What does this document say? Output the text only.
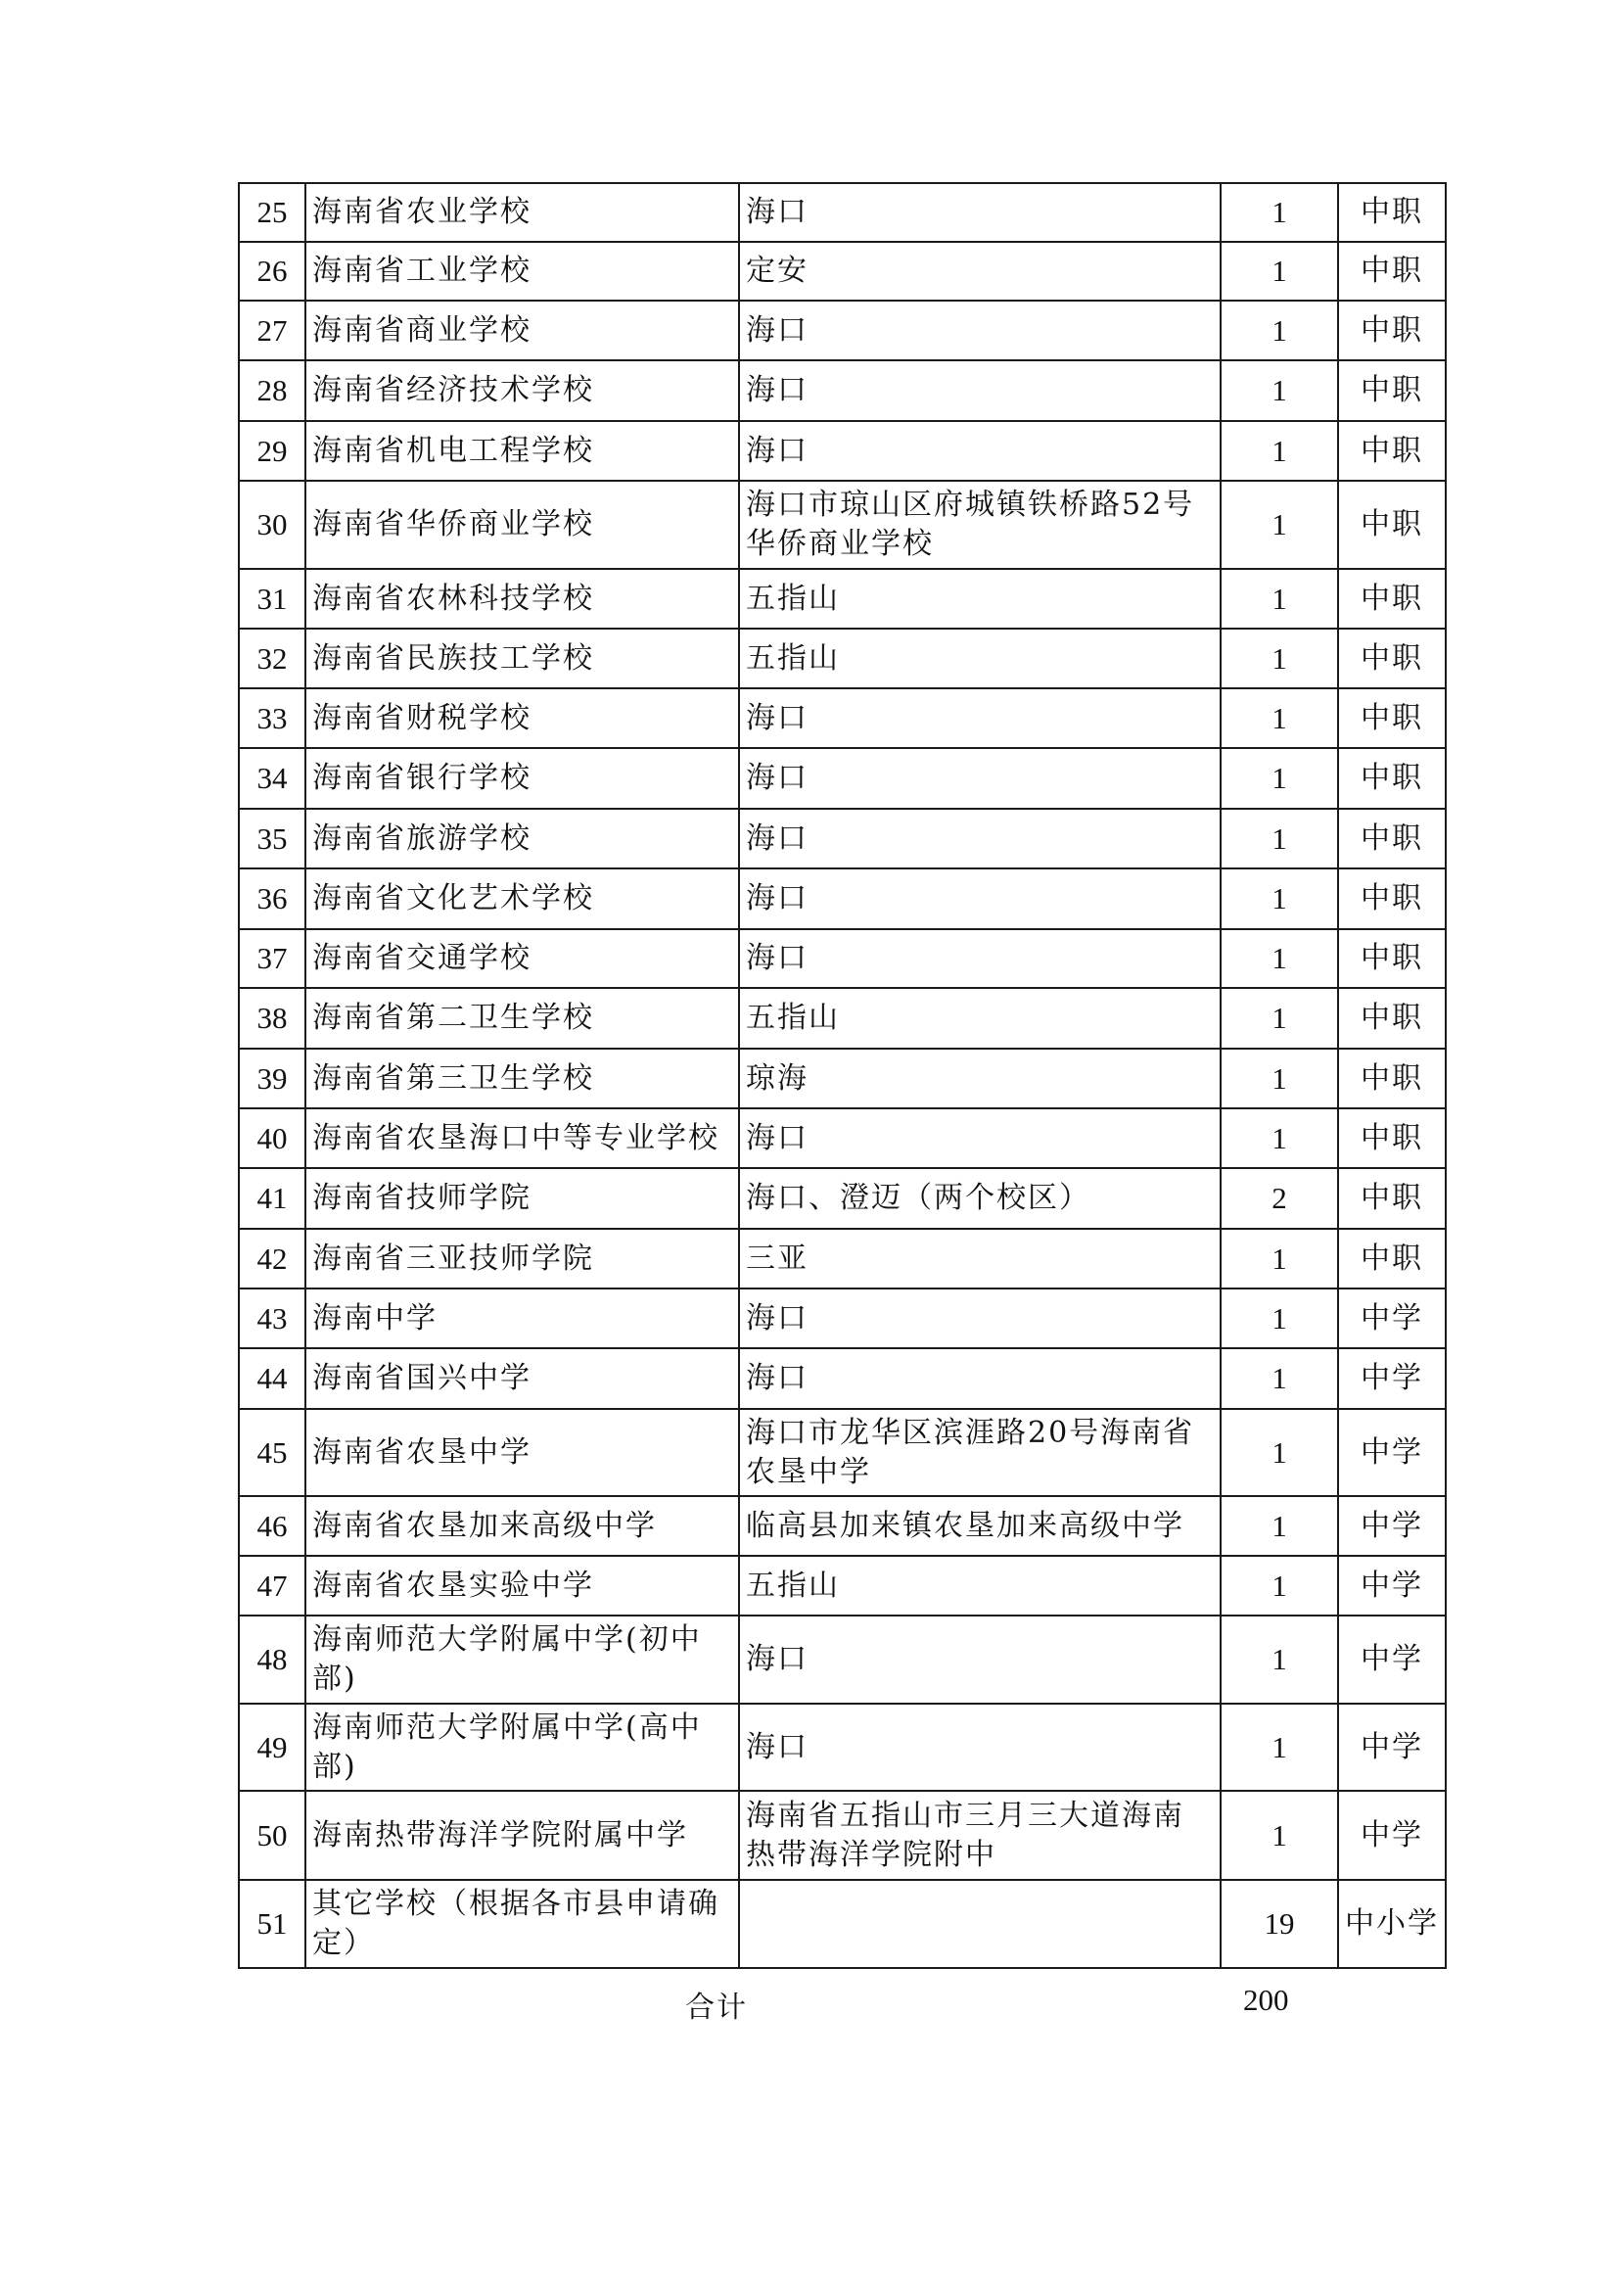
25	海南省农业学校	海口	1	中职
26	海南省工业学校	定安	1	中职
27	海南省商业学校	海口	1	中职
28	海南省经济技术学校	海口	1	中职
29	海南省机电工程学校	海口	1	中职
30	海南省华侨商业学校	海口市琼山区府城镇铁桥路52号华侨商业学校	1	中职
31	海南省农林科技学校	五指山	1	中职
32	海南省民族技工学校	五指山	1	中职
33	海南省财税学校	海口	1	中职
34	海南省银行学校	海口	1	中职
35	海南省旅游学校	海口	1	中职
36	海南省文化艺术学校	海口	1	中职
37	海南省交通学校	海口	1	中职
38	海南省第二卫生学校	五指山	1	中职
39	海南省第三卫生学校	琼海	1	中职
40	海南省农垦海口中等专业学校	海口	1	中职
41	海南省技师学院	海口、澄迈（两个校区）	2	中职
42	海南省三亚技师学院	三亚	1	中职
43	海南中学	海口	1	中学
44	海南省国兴中学	海口	1	中学
45	海南省农垦中学	海口市龙华区滨涯路20号海南省农垦中学	1	中学
46	海南省农垦加来高级中学	临高县加来镇农垦加来高级中学	1	中学
47	海南省农垦实验中学	五指山	1	中学
48	海南师范大学附属中学(初中部)	海口	1	中学
49	海南师范大学附属中学(高中部)	海口	1	中学
50	海南热带海洋学院附属中学	海南省五指山市三月三大道海南热带海洋学院附中	1	中学
51	其它学校（根据各市县申请确定）		19	中小学
合计	200
